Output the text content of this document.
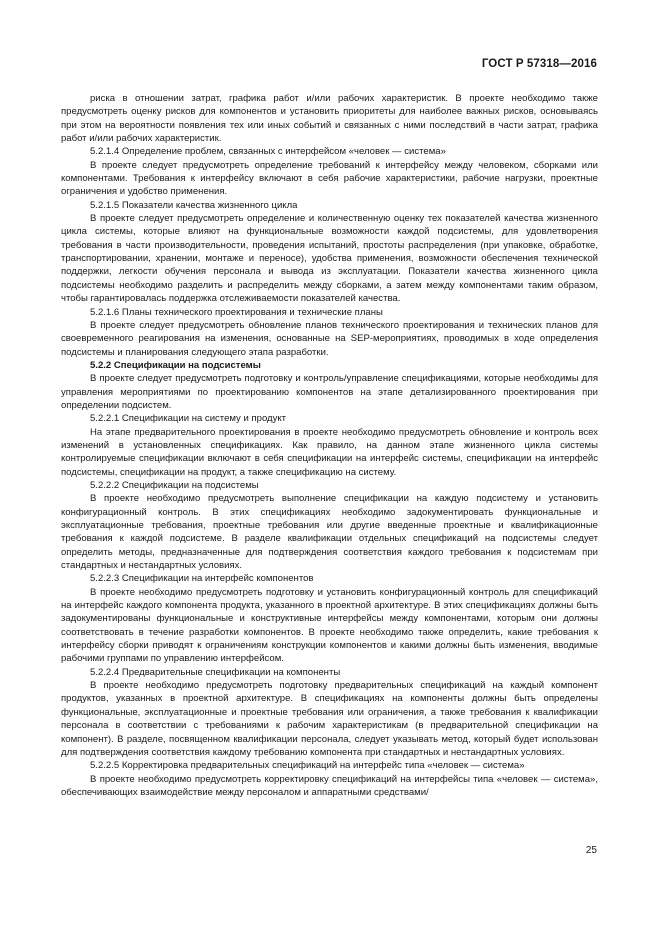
ГОСТ Р 57318—2016

риска в отношении затрат, графика работ и/или рабочих характеристик. В проекте необходимо также предусмотреть оценку рисков для компонентов и установить приоритеты для наиболее важных рисков, основываясь при этом на вероятности появления тех или иных событий и связанных с ними последствий в части затрат, графика работ и/или рабочих характеристик.

5.2.1.4 Определение проблем, связанных с интерфейсом «человек — система»

В проекте следует предусмотреть определение требований к интерфейсу между человеком, сборками или компонентами. Требования к интерфейсу включают в себя рабочие характеристики, рабочие нагрузки, проектные ограничения и удобство применения.

5.2.1.5 Показатели качества жизненного цикла

В проекте следует предусмотреть определение и количественную оценку тех показателей качества жизненного цикла системы, которые влияют на функциональные возможности каждой подсистемы, для удовлетворения требования в части производительности, проведения испытаний, простоты распределения (при упаковке, обработке, транспортировании, хранении, монтаже и переносе), удобства применения, возможности обеспечения технической поддержки, легкости обучения персонала и вывода из эксплуатации. Показатели качества жизненного цикла подсистемы необходимо разделить и распределить между сборками, а затем между компонентами таким образом, чтобы гарантировалась поддержка отслеживаемости показателей качества.

5.2.1.6 Планы технического проектирования и технические планы

В проекте следует предусмотреть обновление планов технического проектирования и технических планов для своевременного реагирования на изменения, основанные на SEP-мероприятиях, проводимых в ходе определения подсистемы и планирования следующего этапа разработки.

5.2.2 Спецификации на подсистемы

В проекте следует предусмотреть подготовку и контроль/управление спецификациями, которые необходимы для управления мероприятиями по проектированию компонентов на этапе детализированного проектирования при определении подсистем.

5.2.2.1 Спецификации на систему и продукт

На этапе предварительного проектирования в проекте необходимо предусмотреть обновление и контроль всех изменений в установленных спецификациях. Как правило, на данном этапе жизненного цикла системы контролируемые спецификации включают в себя спецификации на интерфейс системы, спецификации на интерфейс подсистемы, спецификации на продукт, а также спецификацию на систему.

5.2.2.2 Спецификации на подсистемы

В проекте необходимо предусмотреть выполнение спецификации на каждую подсистему и установить конфигурационный контроль. В этих спецификациях необходимо задокументировать функциональные и эксплуатационные требования, проектные требования или другие введенные проектные и квалификационные требования к каждой подсистеме. В разделе квалификации отдельных спецификаций на подсистемы следует определить методы, предназначенные для подтверждения соответствия каждого требования к подсистемам при стандартных и нестандартных условиях.

5.2.2.3 Спецификации на интерфейс компонентов

В проекте необходимо предусмотреть подготовку и установить конфигурационный контроль для спецификаций на интерфейс каждого компонента продукта, указанного в проектной архитектуре. В этих спецификациях должны быть задокументированы функциональные и конструктивные интерфейсы между компонентами, которым они должны соответствовать в течение разработки компонентов. В проекте необходимо также определить, какие требования к интерфейсу сборки приводят к ограничениям конструкции компонентов и какими должны быть изменения, вводимые рабочими группами по управлению интерфейсом.

5.2.2.4 Предварительные спецификации на компоненты

В проекте необходимо предусмотреть подготовку предварительных спецификаций на каждый компонент продуктов, указанных в проектной архитектуре. В спецификациях на компоненты должны быть определены функциональные, эксплуатационные и проектные требования или ограничения, а также требования к квалификации персонала в соответствии с требованиями к рабочим характеристикам (в предварительной спецификации на компонент). В разделе, посвященном квалификации персонала, следует указывать метод, который будет использован для подтверждения соответствия каждому требованию компонента при стандартных и нестандартных условиях.

5.2.2.5 Корректировка предварительных спецификаций на интерфейс типа «человек — система»

В проекте необходимо предусмотреть корректировку спецификаций на интерфейсы типа «человек — система», обеспечивающих взаимодействие между персоналом и аппаратными средствами/

25
